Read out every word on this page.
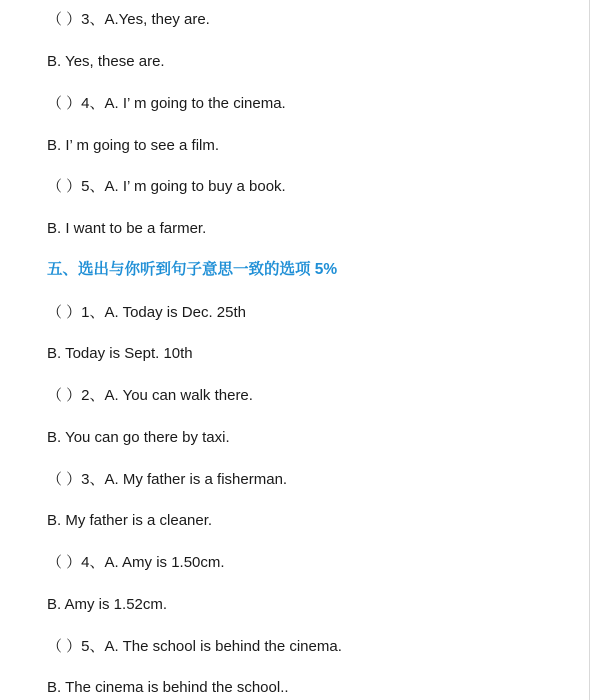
（ ）3、A.Yes, they are.
B. Yes, these are.
（ ）4、A. I’ m going to the cinema.
B. I’ m going to see a film.
（ ）5、A. I’ m going to buy a book.
B. I want to be a farmer.
五、选出与你听到句子意思一致的选项 5%
（ ）1、A. Today is Dec. 25th
B. Today is Sept. 10th
（ ）2、A. You can walk there.
B. You can go there by taxi.
（ ）3、A. My father is a fisherman.
B. My father is a cleaner.
（ ）4、A. Amy is 1.50cm.
B. Amy is 1.52cm.
（ ）5、A. The school is behind the cinema.
B. The cinema is behind the school..
